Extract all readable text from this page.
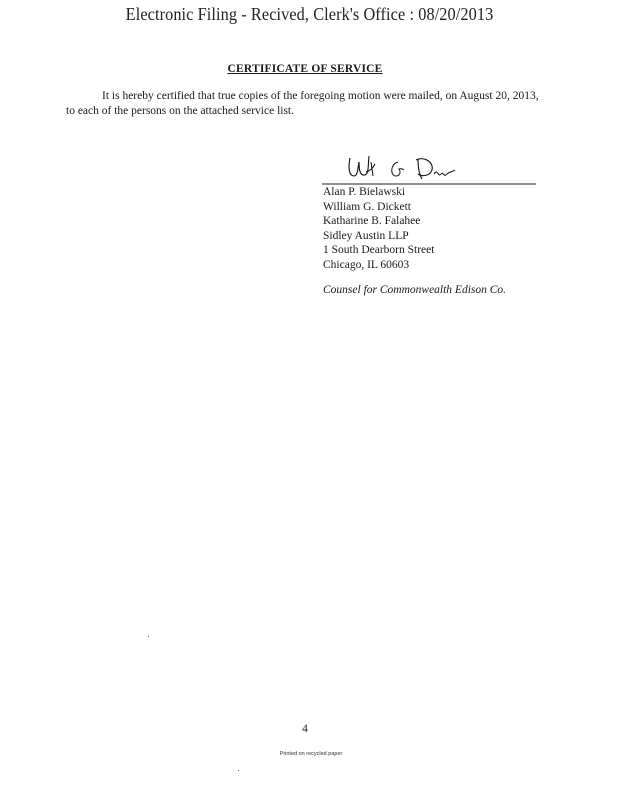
Electronic Filing - Recived, Clerk's Office : 08/20/2013
CERTIFICATE OF SERVICE
It is hereby certified that true copies of the foregoing motion were mailed, on August 20, 2013, to each of the persons on the attached service list.
Alan P. Bielawski
William G. Dickett
Katharine B. Falahee
Sidley Austin LLP
1 South Dearborn Street
Chicago, IL 60603
Counsel for Commonwealth Edison Co.
4
Printed on recycled paper
